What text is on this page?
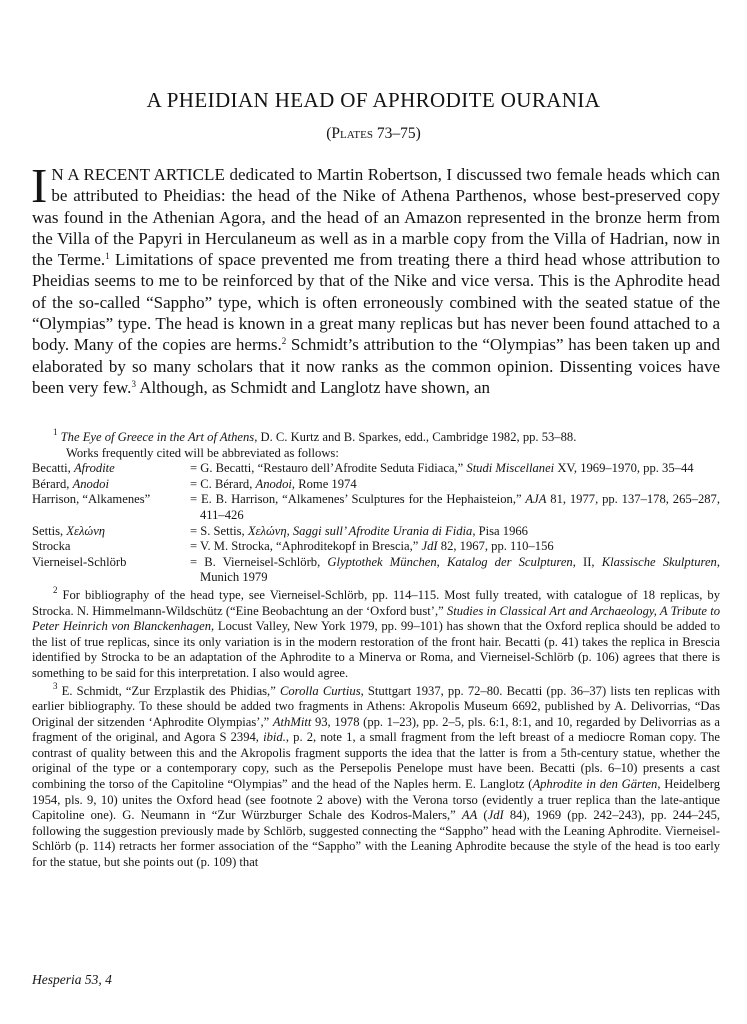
A PHEIDIAN HEAD OF APHRODITE OURANIA
(Plates 73–75)
I N A RECENT ARTICLE dedicated to Martin Robertson, I discussed two female heads which can be attributed to Pheidias: the head of the Nike of Athena Parthenos, whose best-preserved copy was found in the Athenian Agora, and the head of an Amazon represented in the bronze herm from the Villa of the Papyri in Herculaneum as well as in a marble copy from the Villa of Hadrian, now in the Terme.$^1$ Limitations of space prevented me from treating there a third head whose attribution to Pheidias seems to me to be reinforced by that of the Nike and vice versa. This is the Aphrodite head of the so-called “Sappho” type, which is often erroneously combined with the seated statue of the “Olympias” type. The head is known in a great many replicas but has never been found attached to a body. Many of the copies are herms.$^2$ Schmidt’s attribution to the “Olympias” has been taken up and elaborated by so many scholars that it now ranks as the common opinion. Dissenting voices have been very few.$^3$ Although, as Schmidt and Langlotz have shown, an

$^1$ The Eye of Greece in the Art of Athens, D. C. Kurtz and B. Sparkes, edd., Cambridge 1982, pp. 53–88.

Works frequently cited will be abbreviated as follows:

Becatti, Afrodite	= G. Becatti, “Restauro dell’Afrodite Seduta Fidiaca,” Studi Miscellanei XV, 1969–1970, pp. 35–44
Bérard, Anodoi	= C. Bérard, Anodoi, Rome 1974
Harrison, “Alkamenes”	= E. B. Harrison, “Alkamenes’ Sculptures for the Hephaisteion,” AJA 81, 1977, pp. 137–178, 265–287, 411–426
Settis, Χελώνη	= S. Settis, Χελώνη, Saggi sull’ Afrodite Urania di Fidia, Pisa 1966
Strocka	= V. M. Strocka, “Aphroditekopf in Brescia,” JdI 82, 1967, pp. 110–156
Vierneisel-Schlörb	= B. Vierneisel-Schlörb, Glyptothek München, Katalog der Sculpturen, II, Klassische Skulpturen, Munich 1979

$^2$ For bibliography of the head type, see Vierneisel-Schlörb, pp. 114–115. Most fully treated, with catalogue of 18 replicas, by Strocka. N. Himmelmann-Wildschütz (“Eine Beobachtung an der ‘Oxford bust’,” Studies in Classical Art and Archaeology, A Tribute to Peter Heinrich von Blanckenhagen, Locust Valley, New York 1979, pp. 99–101) has shown that the Oxford replica should be added to the list of true replicas, since its only variation is in the modern restoration of the front hair. Becatti (p. 41) takes the replica in Brescia identified by Strocka to be an adaptation of the Aphrodite to a Minerva or Roma, and Vierneisel-Schlörb (p. 106) agrees that there is something to be said for this interpretation. I also would agree.

$^3$ E. Schmidt, “Zur Erzplastik des Phidias,” Corolla Curtius, Stuttgart 1937, pp. 72–80. Becatti (pp. 36–37) lists ten replicas with earlier bibliography. To these should be added two fragments in Athens: Akropolis Museum 6692, published by A. Delivorrias, “Das Original der sitzenden ‘Aphrodite Olympias’,” AthMitt 93, 1978 (pp. 1–23), pp. 2–5, pls. 6:1, 8:1, and 10, regarded by Delivorrias as a fragment of the original, and Agora S 2394, ibid., p. 2, note 1, a small fragment from the left breast of a mediocre Roman copy. The contrast of quality between this and the Akropolis fragment supports the idea that the latter is from a 5th-century statue, whether the original of the type or a contemporary copy, such as the Persepolis Penelope must have been. Becatti (pls. 6–10) presents a cast combining the torso of the Capitoline “Olympias” and the head of the Naples herm. E. Langlotz (Aphrodite in den Gärten, Heidelberg 1954, pls. 9, 10) unites the Oxford head (see footnote 2 above) with the Verona torso (evidently a truer replica than the late-antique Capitoline one). G. Neumann in “Zur Würzburger Schale des Kodros-Malers,” AA (JdI 84), 1969 (pp. 242–243), pp. 244–245, following the suggestion previously made by Schlörb, suggested connecting the “Sappho” head with the Leaning Aphrodite. Vierneisel-Schlörb (p. 114) retracts her former association of the “Sappho” with the Leaning Aphrodite because the style of the head is too early for the statue, but she points out (p. 109) that

Hesperia 53, 4
